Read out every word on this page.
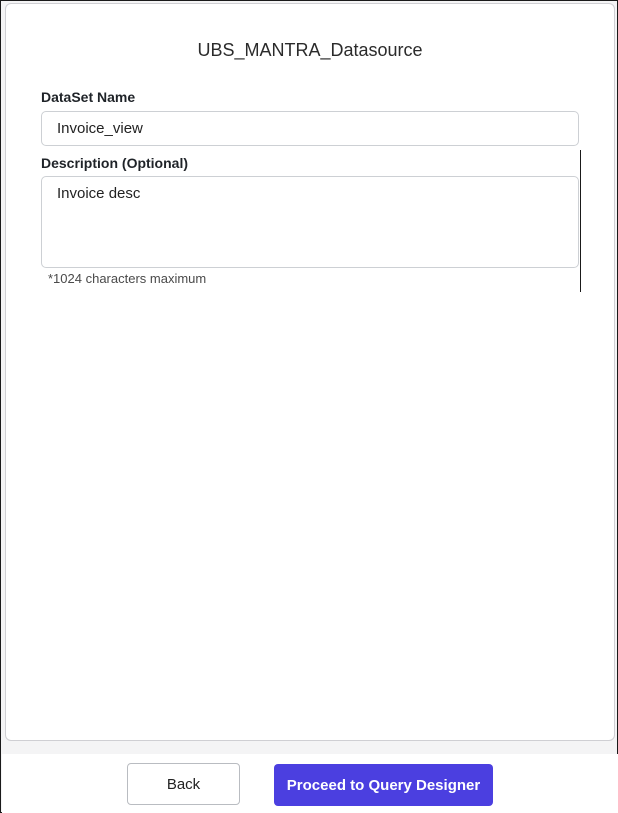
UBS_MANTRA_Datasource
DataSet Name
Invoice_view
Description (Optional)
Invoice desc
*1024 characters maximum
Back	Proceed to Query Designer
